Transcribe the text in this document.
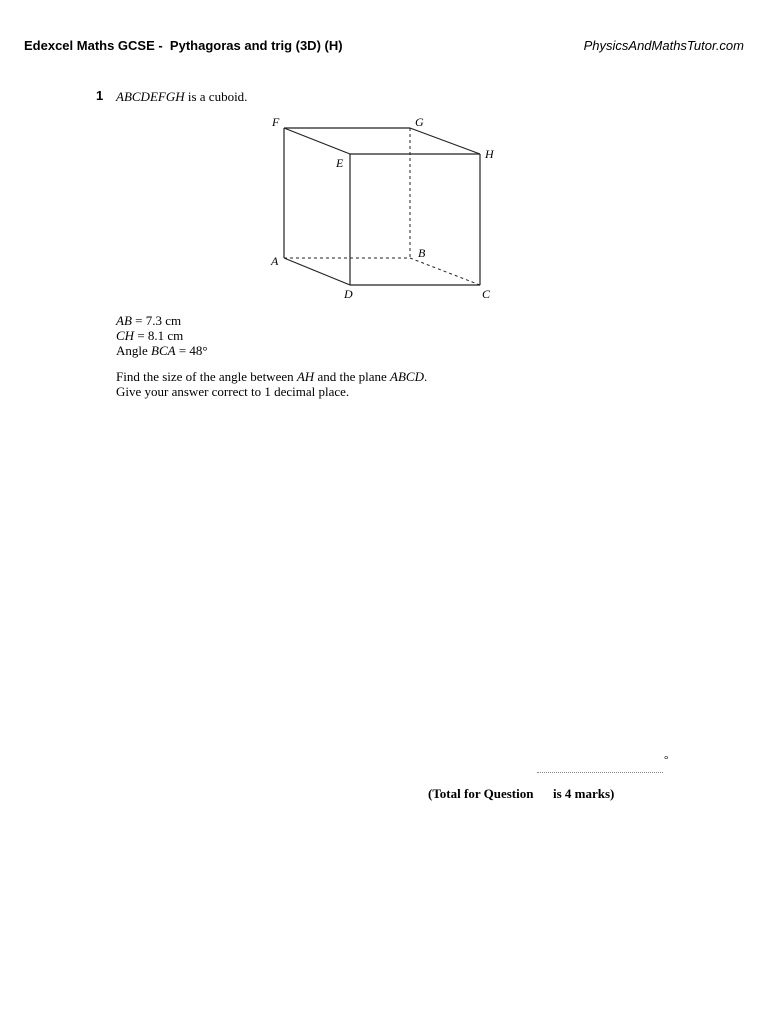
Edexcel Maths GCSE -  Pythagoras and trig (3D) (H)	PhysicsAndMathsTutor.com
1 ABCDEFGH is a cuboid.
F	G
H
E
A
B
D	C
AB = 7.3 cm
CH = 8.1 cm
Angle BCA = 48°
Find the size of the angle between AH and the plane ABCD.
Give your answer correct to 1 decimal place.
°
(Total for Question      is 4 marks)
